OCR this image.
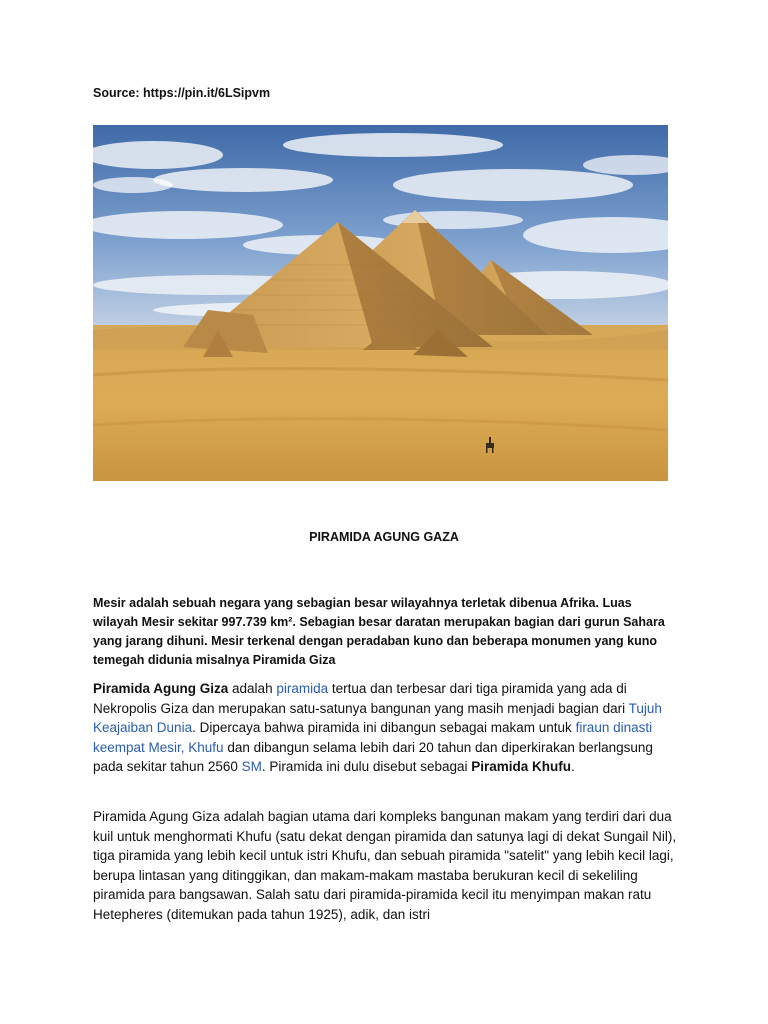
Source: https://pin.it/6LSipvm
PIRAMIDA AGUNG GAZA
Mesir adalah sebuah negara yang sebagian besar wilayahnya terletak dibenua Afrika. Luas wilayah Mesir sekitar 997.739 km². Sebagian besar daratan merupakan bagian dari gurun Sahara yang jarang dihuni. Mesir terkenal dengan peradaban kuno dan beberapa monumen yang kuno temegah didunia misalnya Piramida Giza
Piramida Agung Giza adalah piramida tertua dan terbesar dari tiga piramida yang ada di Nekropolis Giza dan merupakan satu-satunya bangunan yang masih menjadi bagian dari Tujuh Keajaiban Dunia. Dipercaya bahwa piramida ini dibangun sebagai makam untuk firaun dinasti keempat Mesir, Khufu dan dibangun selama lebih dari 20 tahun dan diperkirakan berlangsung pada sekitar tahun 2560 SM. Piramida ini dulu disebut sebagai Piramida Khufu.
Piramida Agung Giza adalah bagian utama dari kompleks bangunan makam yang terdiri dari dua kuil untuk menghormati Khufu (satu dekat dengan piramida dan satunya lagi di dekat Sungail Nil), tiga piramida yang lebih kecil untuk istri Khufu, dan sebuah piramida "satelit" yang lebih kecil lagi, berupa lintasan yang ditinggikan, dan makam-makam mastaba berukuran kecil di sekeliling piramida para bangsawan. Salah satu dari piramida-piramida kecil itu menyimpan makan ratu Hetepheres (ditemukan pada tahun 1925), adik, dan istri
